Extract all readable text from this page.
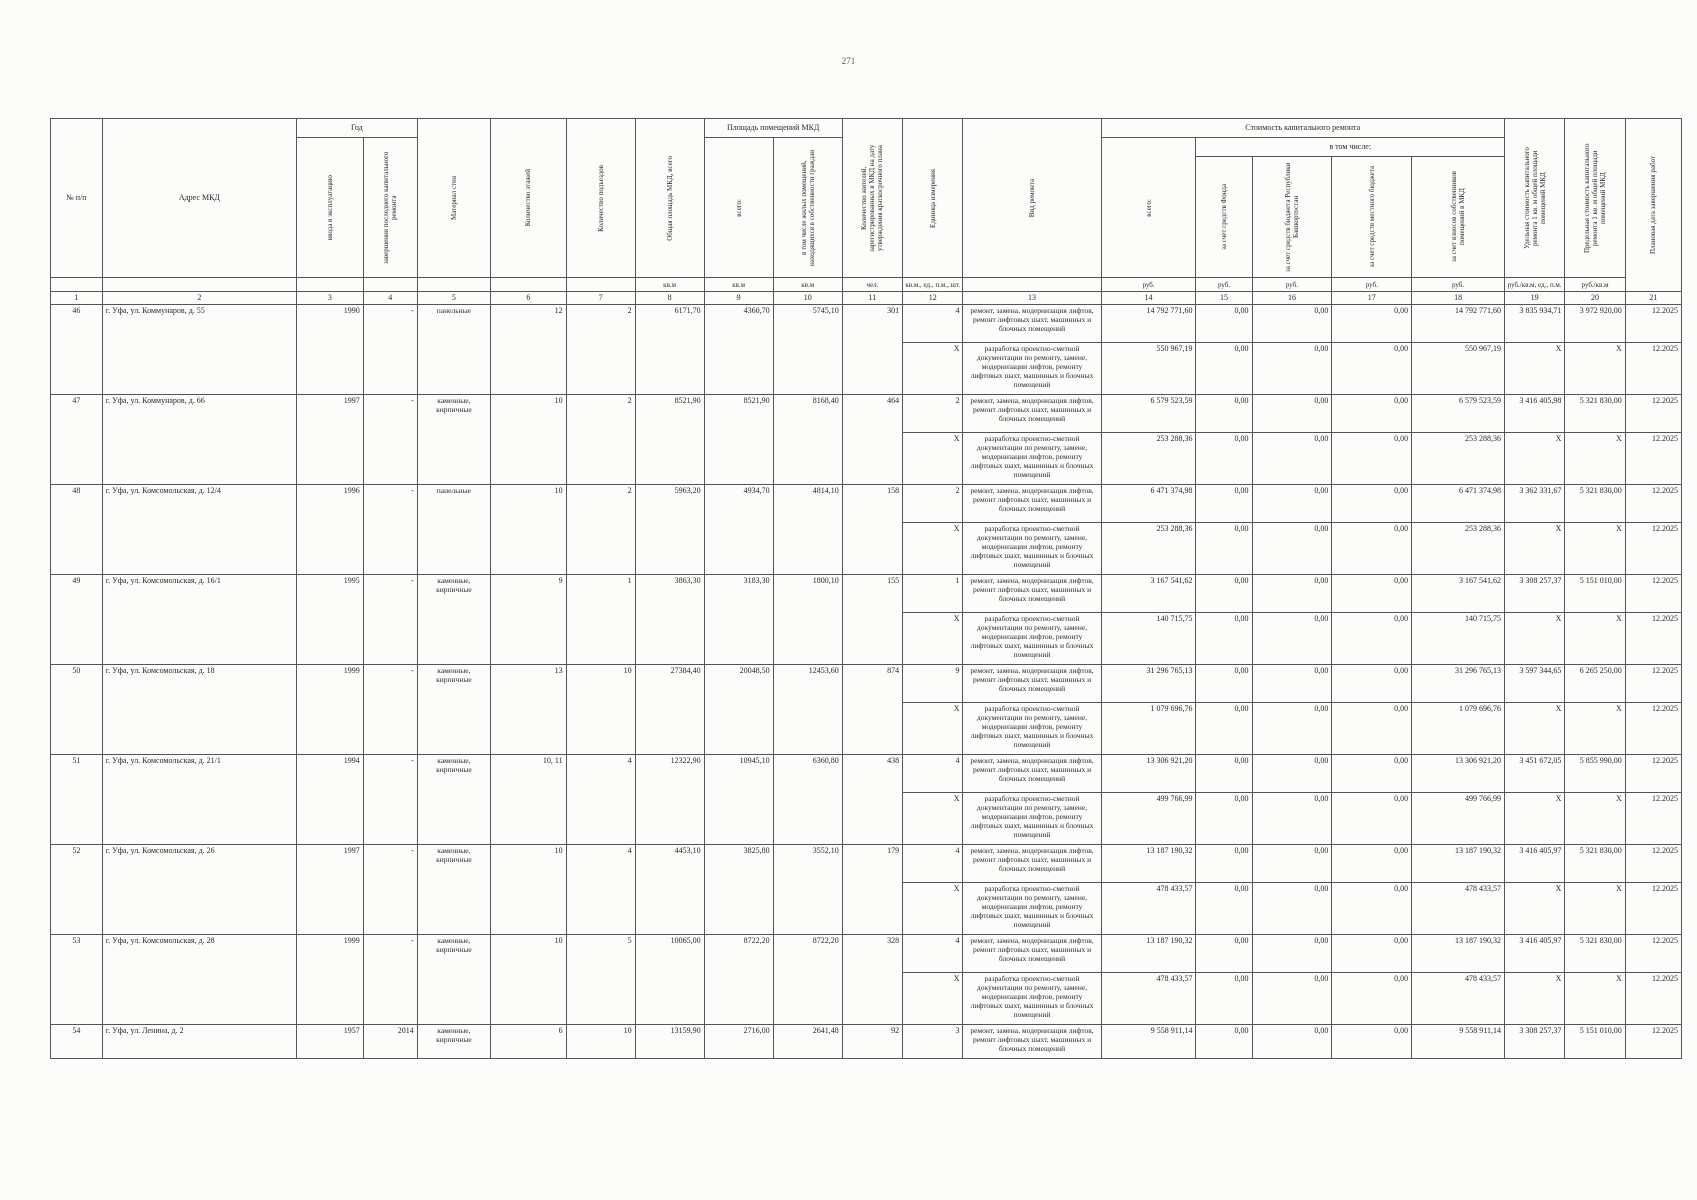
271
№ п/п	Адрес МКД	Год		Материал стен	Количество этажей	Количество подъездов	Общая площадь МКД, всего	Площадь помещений МКД		Количество жителей, зарегистрированных в МКД на дату утверждения краткосрочного плана	Единица измерения	Вид ремонта	Стоимость капитального ремонта					Удельная стоимость капитального ремонта 1 кв. м общей площади помещений МКД	Предельная стоимость капитального ремонта 1 кв. м общей площади помещений МКД	Плановая дата завершения работ

		ввода в эксплуатацию	завершения последнего капитального ремонта					всего:	в том числе жилых помещений, находящихся в собственности граждан				всего:	в том числе:						

														за счет средств Фонда	за счет средств бюджета Республики Башкортостан	за счет средств местного бюджета	за счет взносов собственников помещений в МКД			

							кв.м	кв.м	кв.м	чел.	кв.м., ед., п.м., шт.		руб.	руб.	руб.	руб.	руб.	руб./кв.м, ед., п.м.	руб./кв.м	
1	2	3	4	5	6	7	8	9	10	11	12	13	14	15	16	17	18	19	20	21
46	г. Уфа, ул. Коммунаров, д. 55	1990	-	панельные	12	2	6171,70	4360,70	5745,10	301	4	ремонт, замена, модернизация лифтов, ремонт лифтовых шахт, машинных и блочных помещений	14 792 771,60	0,00	0,00	0,00	14 792 771,60	3 835 934,71	3 972 920,00	12.2025
											X	разработка проектно-сметной документации по ремонту, замене, модернизации лифтов, ремонту лифтовых шахт, машинных и блочных помещений	550 967,19	0,00	0,00	0,00	550 967,19	X	X	12.2025
47	г. Уфа, ул. Коммунаров, д. 66	1997	-	каменные, кирпичные	10	2	8521,90	8521,90	8168,40	464	2	ремонт, замена, модернизация лифтов, ремонт лифтовых шахт, машинных и блочных помещений	6 579 523,59	0,00	0,00	0,00	6 579 523,59	3 416 405,98	5 321 830,00	12.2025
											X	разработка проектно-сметной документации по ремонту, замене, модернизации лифтов, ремонту лифтовых шахт, машинных и блочных помещений	253 288,36	0,00	0,00	0,00	253 288,36	X	X	12.2025
48	г. Уфа, ул. Комсомольская, д. 12/4	1996	-	панельные	10	2	5963,20	4934,70	4814,10	158	2	ремонт, замена, модернизация лифтов, ремонт лифтовых шахт, машинных и блочных помещений	6 471 374,98	0,00	0,00	0,00	6 471 374,98	3 362 331,67	5 321 830,00	12.2025
											X	разработка проектно-сметной документации по ремонту, замене, модернизации лифтов, ремонту лифтовых шахт, машинных и блочных помещений	253 288,36	0,00	0,00	0,00	253 288,36	X	X	12.2025
49	г. Уфа, ул. Комсомольская, д. 16/1	1995	-	каменные, кирпичные	9	1	3863,30	3183,30	1800,10	155	1	ремонт, замена, модернизация лифтов, ремонт лифтовых шахт, машинных и блочных помещений	3 167 541,62	0,00	0,00	0,00	3 167 541,62	3 308 257,37	5 151 010,00	12.2025
											X	разработка проектно-сметной документации по ремонту, замене, модернизации лифтов, ремонту лифтовых шахт, машинных и блочных помещений	140 715,75	0,00	0,00	0,00	140 715,75	X	X	12.2025
50	г. Уфа, ул. Комсомольская, д. 18	1999	-	каменные, кирпичные	13	10	27384,40	20048,50	12453,60	874	9	ремонт, замена, модернизация лифтов, ремонт лифтовых шахт, машинных и блочных помещений	31 296 765,13	0,00	0,00	0,00	31 296 765,13	3 597 344,65	6 265 250,00	12.2025
											X	разработка проектно-сметной документации по ремонту, замене, модернизации лифтов, ремонту лифтовых шахт, машинных и блочных помещений	1 079 696,76	0,00	0,00	0,00	1 079 696,76	X	X	12.2025
51	г. Уфа, ул. Комсомольская, д. 21/1	1994	-	каменные, кирпичные	10, 11	4	12322,90	10945,10	6360,80	438	4	ремонт, замена, модернизация лифтов, ремонт лифтовых шахт, машинных и блочных помещений	13 306 921,20	0,00	0,00	0,00	13 306 921,20	3 451 672,05	5 855 990,00	12.2025
											X	разработка проектно-сметной документации по ремонту, замене, модернизации лифтов, ремонту лифтовых шахт, машинных и блочных помещений	499 766,99	0,00	0,00	0,00	499 766,99	X	X	12.2025
52	г. Уфа, ул. Комсомольская, д. 26	1997	-	каменные, кирпичные	10	4	4453,10	3825,80	3552,10	179	4	ремонт, замена, модернизация лифтов, ремонт лифтовых шахт, машинных и блочных помещений	13 187 190,32	0,00	0,00	0,00	13 187 190,32	3 416 405,97	5 321 830,00	12.2025
											X	разработка проектно-сметной документации по ремонту, замене, модернизации лифтов, ремонту лифтовых шахт, машинных и блочных помещений	478 433,57	0,00	0,00	0,00	478 433,57	X	X	12.2025
53	г. Уфа, ул. Комсомольская, д. 28	1999	-	каменные, кирпичные	10	5	10065,00	8722,20	8722,20	328	4	ремонт, замена, модернизация лифтов, ремонт лифтовых шахт, машинных и блочных помещений	13 187 190,32	0,00	0,00	0,00	13 187 190,32	3 416 405,97	5 321 830,00	12.2025
											X	разработка проектно-сметной документации по ремонту, замене, модернизации лифтов, ремонту лифтовых шахт, машинных и блочных помещений	478 433,57	0,00	0,00	0,00	478 433,57	X	X	12.2025
54	г. Уфа, ул. Ленина, д. 2	1957	2014	каменные, кирпичные	6	10	13159,90	2716,00	2641,48	92	3	ремонт, замена, модернизация лифтов, ремонт лифтовых шахт, машинных и блочных помещений	9 558 911,14	0,00	0,00	0,00	9 558 911,14	3 308 257,37	5 151 010,00	12.2025
